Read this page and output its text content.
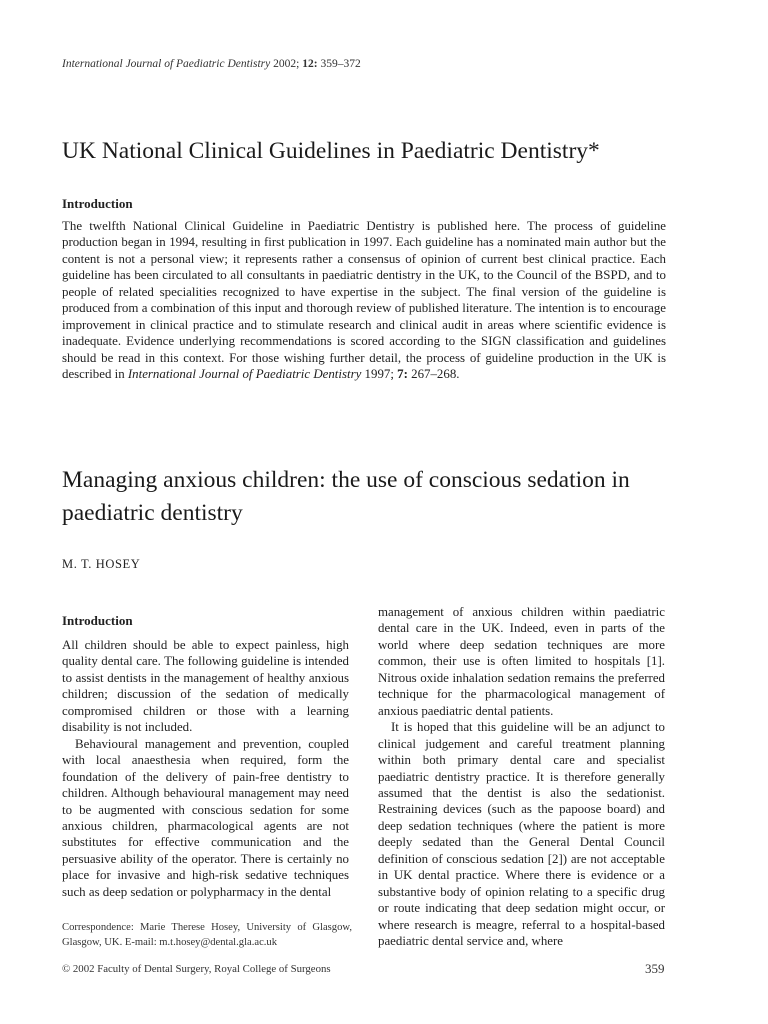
International Journal of Paediatric Dentistry 2002; 12: 359–372
UK National Clinical Guidelines in Paediatric Dentistry*
Introduction

The twelfth National Clinical Guideline in Paediatric Dentistry is published here. The process of guideline production began in 1994, resulting in first publication in 1997. Each guideline has a nominated main author but the content is not a personal view; it represents rather a consensus of opinion of current best clinical practice. Each guideline has been circulated to all consultants in paediatric dentistry in the UK, to the Council of the BSPD, and to people of related specialities recognized to have expertise in the subject. The final version of the guideline is produced from a combination of this input and thorough review of published literature. The intention is to encourage improvement in clinical practice and to stimulate research and clinical audit in areas where scientific evidence is inadequate. Evidence underlying recommendations is scored according to the SIGN classification and guidelines should be read in this context. For those wishing further detail, the process of guideline production in the UK is described in International Journal of Paediatric Dentistry 1997; 7: 267–268.

Managing anxious children: the use of conscious sedation in paediatric dentistry
M. T. HOSEY
Introduction

All children should be able to expect painless, high quality dental care. The following guideline is intended to assist dentists in the management of healthy anxious children; discussion of the sedation of medically compromised children or those with a learning disability is not included.

Behavioural management and prevention, coupled with local anaesthesia when required, form the foundation of the delivery of pain-free dentistry to children. Although behavioural management may need to be augmented with conscious sedation for some anxious children, pharmacological agents are not substitutes for effective communication and the persuasive ability of the operator. There is certainly no place for invasive and high-risk sedative techniques such as deep sedation or polypharmacy in the dental

management of anxious children within paediatric dental care in the UK. Indeed, even in parts of the world where deep sedation techniques are more common, their use is often limited to hospitals [1]. Nitrous oxide inhalation sedation remains the preferred technique for the pharmacological management of anxious paediatric dental patients.

It is hoped that this guideline will be an adjunct to clinical judgement and careful treatment planning within both primary dental care and specialist paediatric dentistry practice. It is therefore generally assumed that the dentist is also the sedationist. Restraining devices (such as the papoose board) and deep sedation techniques (where the patient is more deeply sedated than the General Dental Council definition of conscious sedation [2]) are not acceptable in UK dental practice. Where there is evidence or a substantive body of opinion relating to a specific drug or route indicating that deep sedation might occur, or where research is meagre, referral to a hospital-based paediatric dental service and, where

Correspondence: Marie Therese Hosey, University of Glasgow, Glasgow, UK. E-mail: m.t.hosey@dental.gla.ac.uk
© 2002 Faculty of Dental Surgery, Royal College of Surgeons	359
